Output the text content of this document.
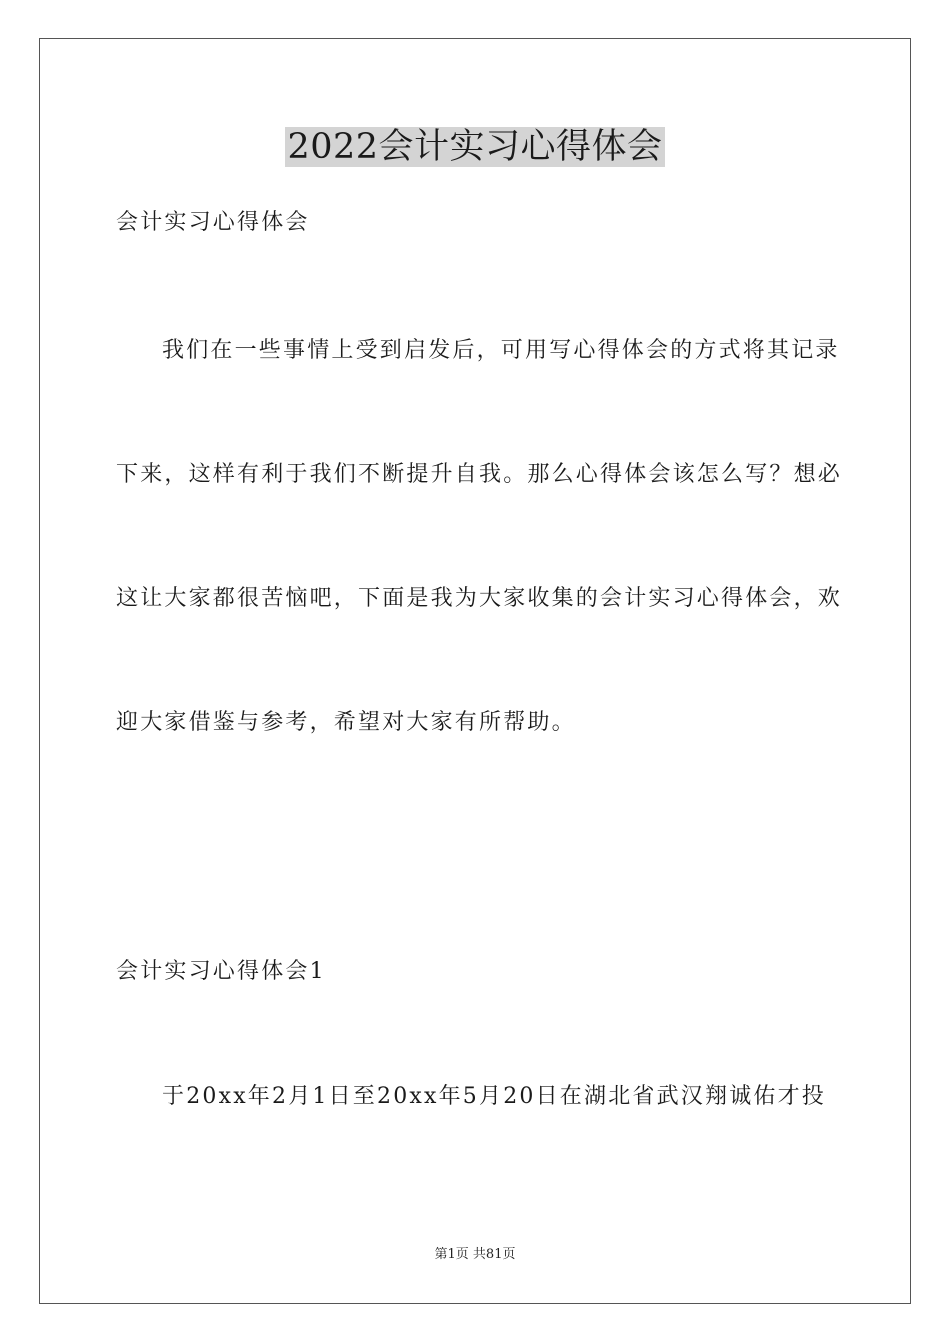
2022会计实习心得体会
会计实习心得体会
我们在一些事情上受到启发后，可用写心得体会的方式将其记录
下来，这样有利于我们不断提升自我。那么心得体会该怎么写？想必
这让大家都很苦恼吧，下面是我为大家收集的会计实习心得体会，欢
迎大家借鉴与参考，希望对大家有所帮助。
会计实习心得体会1
于20xx年2月1日至20xx年5月20日在湖北省武汉翔诚佑才投
第1页 共81页
